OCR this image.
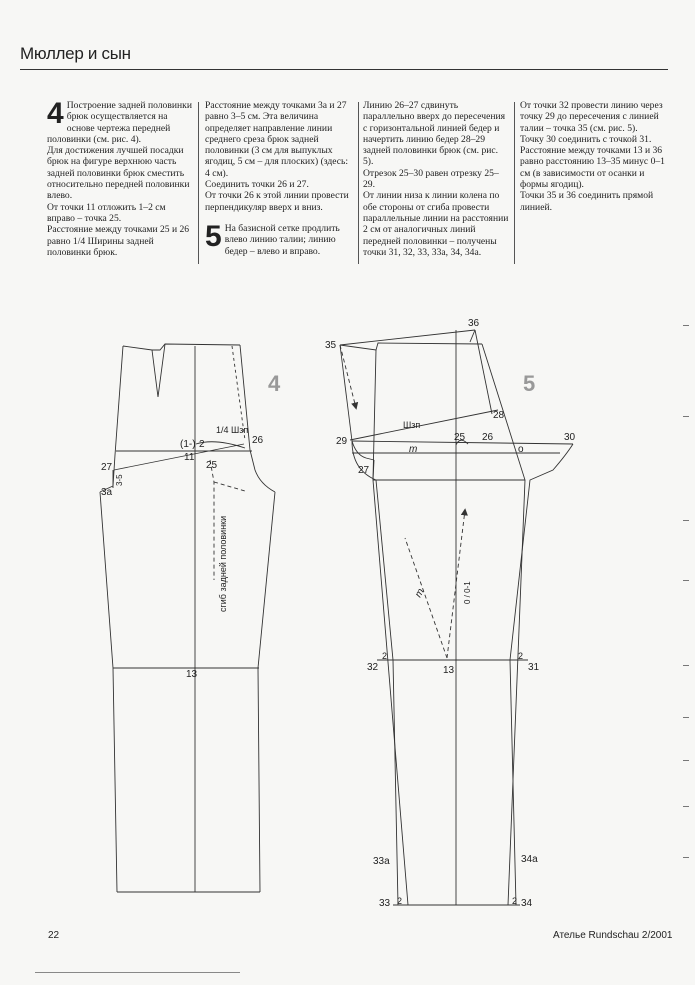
Мюллер и сын
4 Построение задней половинки брюк осуществляется на основе чертежа передней половинки (см. рис. 4).

Для достижения лучшей посадки брюк на фигуре верхнюю часть задней половинки брюк сместить относительно передней половинки влево.

От точки 11 отложить 1–2 см вправо – точка 25.

Расстояние между точками 25 и 26 равно 1/4 Ширины задней половинки брюк.

Расстояние между точками 3а и 27 равно 3–5 см. Эта величина определяет направление линии среднего среза брюк задней половинки (3 см для выпуклых ягодиц, 5 см – для плоских) (здесь: 4 см).

Соединить точки 26 и 27.

От точки 26 к этой линии провести перпендикуляр вверх и вниз.

5 На базисной сетке продлить влево линию талии; линию бедер – влево и вправо.

Линию 26–27 сдвинуть параллельно вверх до пересечения с горизонтальной линией бедер и начертить линию бедер 28–29 задней половинки брюк (см. рис. 5).

Отрезок 25–30 равен отрезку 25–29.

От линии низа к линии колена по обе стороны от сгиба провести параллельные линии на расстоянии 2 см от аналогичных линий передней половинки – получены точки 31, 32, 33, 33а, 34, 34а.

От точки 32 провести линию через точку 29 до пересечения с линией талии – точка 35 (см. рис. 5).

Точку 30 соединить с точкой 31.

Расстояние между точками 13 и 36 равно расстоянию 13–35 минус 0–1 см (в зависимости от осанки и формы ягодиц).

Точки 35 и 36 соединить прямой линией.

(1-) 2
11
25
26
27
3а
3-5
1/4 Шзп
13
сгиб задней половинки
4
35
36
28
29	25 26	30
27
m	o
Шзп
m	0 / 0-1
32	13	31
2	2
33а	34а
33	34
2	2
5
22	Ателье Rundschau 2/2001
